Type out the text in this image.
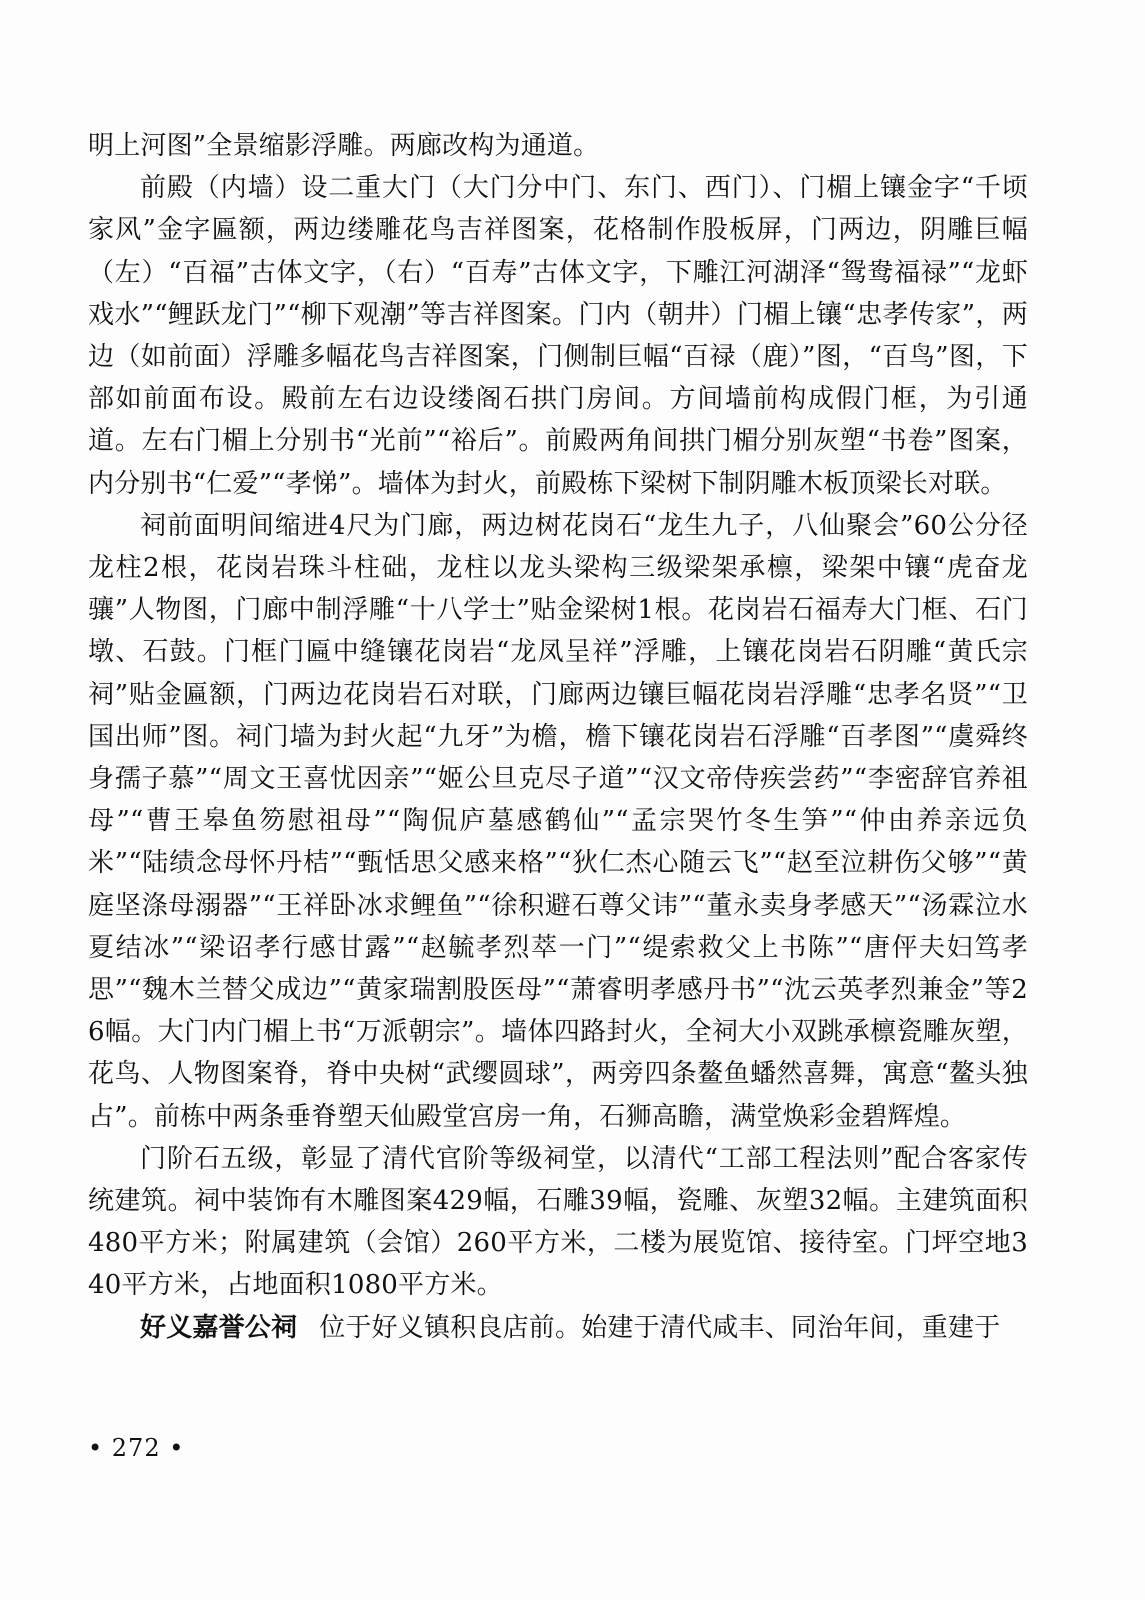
明上河图”全景缩影浮雕。两廊改构为通道。

前殿（内墙）设二重大门（大门分中门、东门、西门）、门楣上镶金字“千顷家风”金字匾额，两边缕雕花鸟吉祥图案，花格制作股板屏，门两边，阴雕巨幅（左）“百福”古体文字，（右）“百寿”古体文字，下雕江河湖泽“鸳鸯福禄”“龙虾戏水”“鲤跃龙门”“柳下观潮”等吉祥图案。门内（朝井）门楣上镶“忠孝传家”，两边（如前面）浮雕多幅花鸟吉祥图案，门侧制巨幅“百禄（鹿）”图，“百鸟”图，下部如前面布设。殿前左右边设缕阁石拱门房间。方间墙前构成假门框，为引通道。左右门楣上分别书“光前”“裕后”。前殿两角间拱门楣分别灰塑“书卷”图案，内分别书“仁爱”“孝悌”。墙体为封火，前殿栋下梁树下制阴雕木板顶梁长对联。

祠前面明间缩进4尺为门廊，两边树花岗石“龙生九子，八仙聚会”60公分径龙柱2根，花岗岩珠斗柱础，龙柱以龙头梁构三级梁架承檩，梁架中镶“虎奋龙骧”人物图，门廊中制浮雕“十八学士”贴金梁树1根。花岗岩石福寿大门框、石门墩、石鼓。门框门匾中缝镶花岗岩“龙凤呈祥”浮雕，上镶花岗岩石阴雕“黄氏宗祠”贴金匾额，门两边花岗岩石对联，门廊两边镶巨幅花岗岩浮雕“忠孝名贤”“卫国出师”图。祠门墙为封火起“九牙”为檐，檐下镶花岗岩石浮雕“百孝图”“虞舜终身孺子慕”“周文王喜忧因亲”“姬公旦克尽子道”“汉文帝侍疾尝药”“李密辞官养祖母”“曹王皋鱼笏慰祖母”“陶侃庐墓感鹤仙”“孟宗哭竹冬生笋”“仲由养亲远负米”“陆绩念母怀丹桔”“甄恬思父感来格”“狄仁杰心随云飞”“赵至泣耕伤父够”“黄庭坚涤母溺器”“王祥卧冰求鲤鱼”“徐积避石尊父讳”“董永卖身孝感天”“汤霖泣水夏结冰”“梁诏孝行感甘露”“赵毓孝烈萃一门”“缇索救父上书陈”“唐伻夫妇笃孝思”“魏木兰替父成边”“黄家瑞割股医母”“萧睿明孝感丹书”“沈云英孝烈兼金”等26幅。大门内门楣上书“万派朝宗”。墙体四路封火，全祠大小双跳承檩瓷雕灰塑，花鸟、人物图案脊，脊中央树“武缨圆球”，两旁四条鳌鱼蟠然喜舞，寓意“鳌头独占”。前栋中两条垂脊塑天仙殿堂宫房一角，石狮高瞻，满堂焕彩金碧辉煌。

门阶石五级，彰显了清代官阶等级祠堂，以清代“工部工程法则”配合客家传统建筑。祠中装饰有木雕图案429幅，石雕39幅，瓷雕、灰塑32幅。主建筑面积480平方米；附属建筑（会馆）260平方米，二楼为展览馆、接待室。门坪空地340平方米，占地面积1080平方米。

好义嘉誉公祠 位于好义镇积良店前。始建于清代咸丰、同治年间，重建于

• 272 •
